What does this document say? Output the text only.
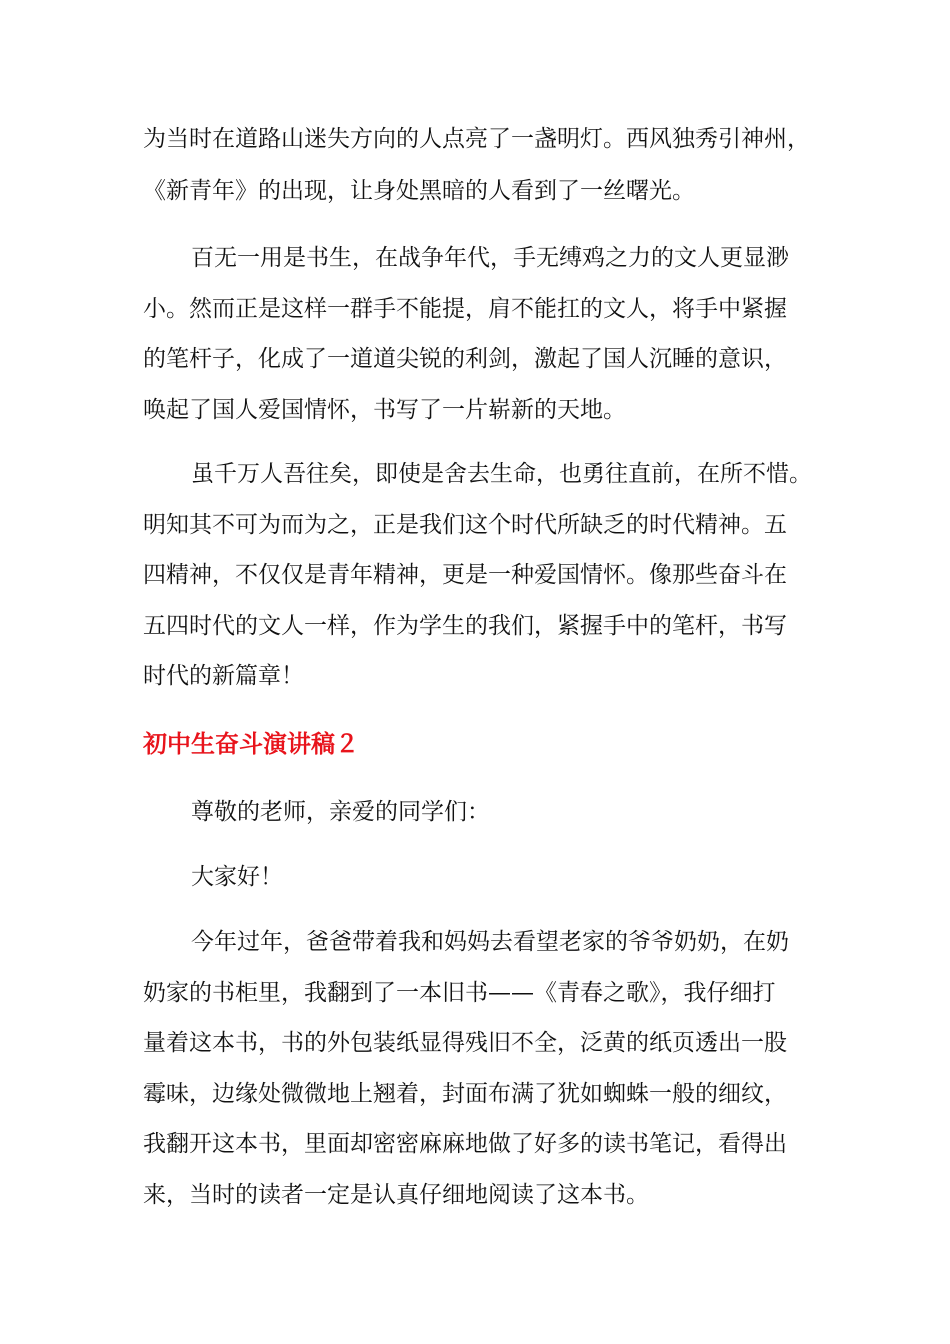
为当时在道路山迷失方向的人点亮了一盏明灯。西风独秀引神州，
《新青年》的出现，让身处黑暗的人看到了一丝曙光。
百无一用是书生，在战争年代，手无缚鸡之力的文人更显渺
小。然而正是这样一群手不能提，肩不能扛的文人，将手中紧握
的笔杆子，化成了一道道尖锐的利剑，激起了国人沉睡的意识，
唤起了国人爱国情怀，书写了一片崭新的天地。
虽千万人吾往矣，即使是舍去生命，也勇往直前，在所不惜。
明知其不可为而为之，正是我们这个时代所缺乏的时代精神。五
四精神，不仅仅是青年精神，更是一种爱国情怀。像那些奋斗在
五四时代的文人一样，作为学生的我们，紧握手中的笔杆，书写
时代的新篇章！
初中生奋斗演讲稿２
尊敬的老师，亲爱的同学们：
大家好！
今年过年，爸爸带着我和妈妈去看望老家的爷爷奶奶，在奶
奶家的书柜里，我翻到了一本旧书——《青春之歌》，我仔细打
量着这本书，书的外包装纸显得残旧不全，泛黄的纸页透出一股
霉味，边缘处微微地上翘着，封面布满了犹如蜘蛛一般的细纹，
我翻开这本书，里面却密密麻麻地做了好多的读书笔记，看得出
来，当时的读者一定是认真仔细地阅读了这本书。
